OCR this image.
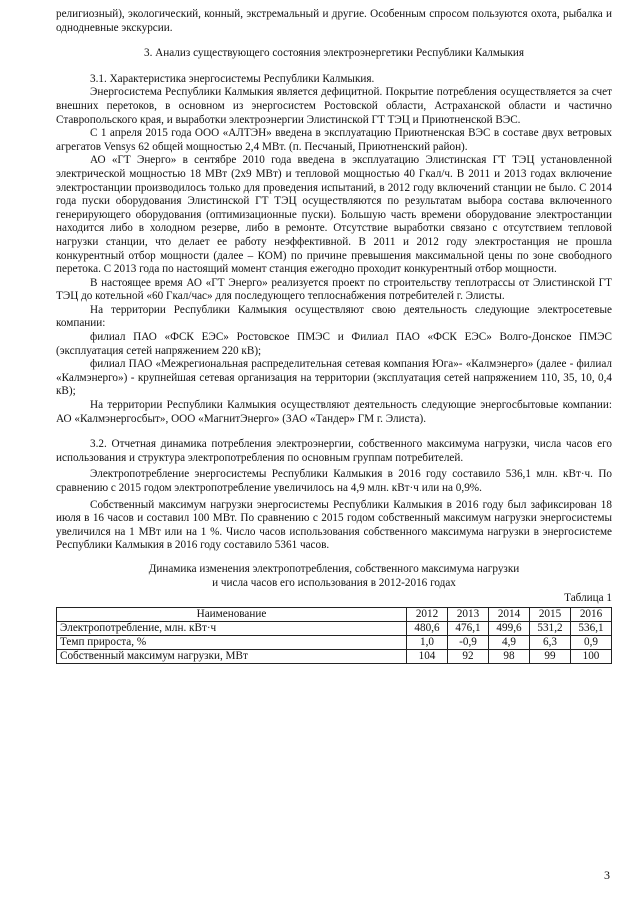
религиозный), экологический, конный, экстремальный и другие. Особенным спросом пользуются охота, рыбалка и однодневные экскурсии.

3. Анализ существующего состояния электроэнергетики Республики Калмыкия

3.1. Характеристика энергосистемы Республики Калмыкия.

Энергосистема Республики Калмыкия является дефицитной. Покрытие потребления осуществляется за счет внешних перетоков, в основном из энергосистем Ростовской области, Астраханской области и частично Ставропольского края, и выработки электроэнергии Элистинской ГТ ТЭЦ и Приютненской ВЭС.

С 1 апреля 2015 года ООО «АЛТЭН» введена в эксплуатацию Приютненская ВЭС в составе двух ветровых агрегатов Vensys 62 общей мощностью 2,4 МВт. (п. Песчаный, Приютненский район).

АО «ГТ Энерго» в сентябре 2010 года введена в эксплуатацию Элистинская ГТ ТЭЦ установленной электрической мощностью 18 МВт (2х9 МВт) и тепловой мощностью 40 Гкал/ч. В 2011 и 2013 годах включение электростанции производилось только для проведения испытаний, в 2012 году включений станции не было. С 2014 года пуски оборудования Элистинской ГТ ТЭЦ осуществляются по результатам выбора состава включенного генерирующего оборудования (оптимизационные пуски). Большую часть времени оборудование электростанции находится либо в холодном резерве, либо в ремонте. Отсутствие выработки связано с отсутствием тепловой нагрузки станции, что делает ее работу неэффективной. В 2011 и 2012 году электростанция не прошла конкурентный отбор мощности (далее – КОМ) по причине превышения максимальной цены по зоне свободного перетока. С 2013 года по настоящий момент станция ежегодно проходит конкурентный отбор мощности.

В настоящее время АО «ГТ Энерго» реализуется проект по строительству теплотрассы от Элистинской ГТ ТЭЦ до котельной «60 Гкал/час» для последующего теплоснабжения потребителей г. Элисты.

На территории Республики Калмыкия осуществляют свою деятельность следующие электросетевые компании:

филиал ПАО «ФСК ЕЭС» Ростовское ПМЭС и Филиал ПАО «ФСК ЕЭС» Волго-Донское ПМЭС (эксплуатация сетей напряжением 220 кВ);

филиал ПАО «Межрегиональная распределительная сетевая компания Юга»- «Калмэнерго» (далее - филиал «Калмэнерго») - крупнейшая сетевая организация на территории (эксплуатация сетей напряжением 110, 35, 10, 0,4 кВ);

На территории Республики Калмыкия осуществляют деятельность следующие энергосбытовые компании: АО «Калмэнергосбыт», ООО «МагнитЭнерго» (ЗАО «Тандер» ГМ г. Элиста).

3.2. Отчетная динамика потребления электроэнергии, собственного максимума нагрузки, числа часов его использования и структура электропотребления по основным группам потребителей.

Электропотребление энергосистемы Республики Калмыкия в 2016 году составило 536,1 млн. кВт·ч. По сравнению с 2015 годом электропотребление увеличилось на 4,9 млн. кВт·ч или на 0,9%.

Собственный максимум нагрузки энергосистемы Республики Калмыкия в 2016 году был зафиксирован 18 июля в 16 часов и составил 100 МВт. По сравнению с 2015 годом собственный максимум нагрузки энергосистемы увеличился на 1 МВт или на 1 %. Число часов использования собственного максимума нагрузки в энергосистеме Республики Калмыкия в 2016 году составило 5361 часов.

Динамика изменения электропотребления, собственного максимума нагрузки

и числа часов его использования в 2012-2016 годах

Таблица 1

Наименование	2012	2013	2014	2015	2016
Электропотребление, млн. кВт·ч	480,6	476,1	499,6	531,2	536,1
Темп прироста, %	1,0	-0,9	4,9	6,3	0,9
Собственный максимум нагрузки, МВт	104	92	98	99	100
3
